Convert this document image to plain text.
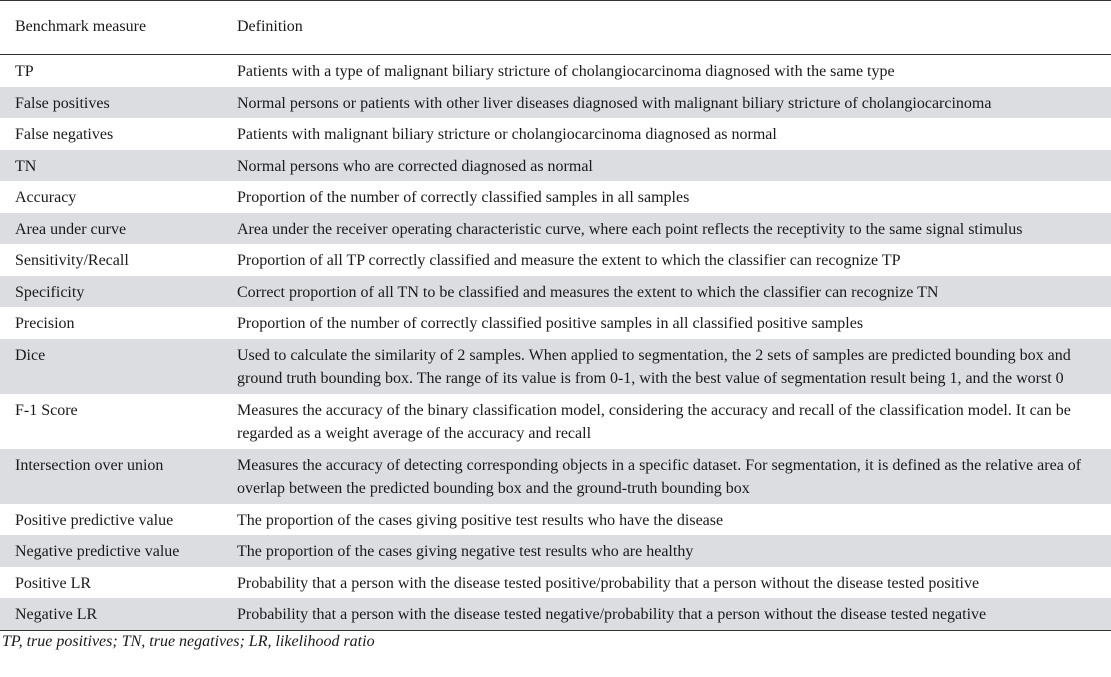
Benchmark measure	Definition
TP	Patients with a type of malignant biliary stricture of cholangiocarcinoma diagnosed with the same type
False positives	Normal persons or patients with other liver diseases diagnosed with malignant biliary stricture of cholangiocarcinoma
False negatives	Patients with malignant biliary stricture or cholangiocarcinoma diagnosed as normal
TN	Normal persons who are corrected diagnosed as normal
Accuracy	Proportion of the number of correctly classified samples in all samples
Area under curve	Area under the receiver operating characteristic curve, where each point reflects the receptivity to the same signal stimulus
Sensitivity/Recall	Proportion of all TP correctly classified and measure the extent to which the classifier can recognize TP
Specificity	Correct proportion of all TN to be classified and measures the extent to which the classifier can recognize TN
Precision	Proportion of the number of correctly classified positive samples in all classified positive samples
Dice	Used to calculate the similarity of 2 samples. When applied to segmentation, the 2 sets of samples are predicted bounding box and ground truth bounding box. The range of its value is from 0-1, with the best value of segmentation result being 1, and the worst 0
F-1 Score	Measures the accuracy of the binary classification model, considering the accuracy and recall of the classification model. It can be regarded as a weight average of the accuracy and recall
Intersection over union	Measures the accuracy of detecting corresponding objects in a specific dataset. For segmentation, it is defined as the relative area of overlap between the predicted bounding box and the ground-truth bounding box
Positive predictive value	The proportion of the cases giving positive test results who have the disease
Negative predictive value	The proportion of the cases giving negative test results who are healthy
Positive LR	Probability that a person with the disease tested positive/probability that a person without the disease tested positive
Negative LR	Probability that a person with the disease tested negative/probability that a person without the disease tested negative
TP, true positives; TN, true negatives; LR, likelihood ratio
